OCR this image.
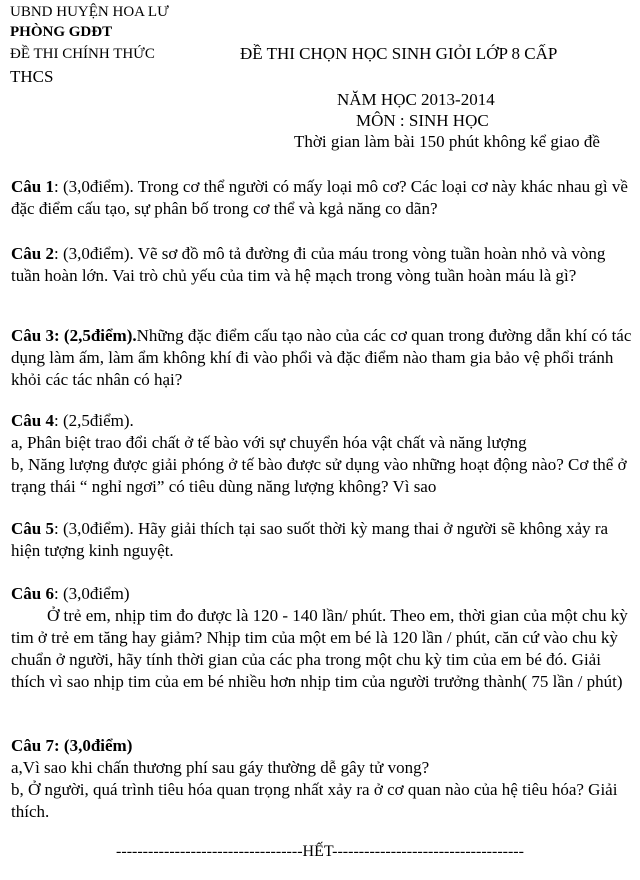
UBND HUYỆN HOA LƯ

PHÒNG GDĐT

ĐỀ THI CHÍNH THỨC	ĐỀ THI CHỌN HỌC SINH GIỎI LỚP 8 CẤP

THCS

NĂM HỌC 2013-2014

MÔN : SINH HỌC

Thời gian làm bài 150 phút không kể giao đề

Câu 1: (3,0điểm). Trong cơ thể người có mấy loại mô cơ? Các loại cơ này khác nhau gì về đặc điểm cấu tạo, sự phân bố trong cơ thể và kgả năng co dãn?

Câu 2: (3,0điểm). Vẽ sơ đồ mô tả đường đi của máu trong vòng tuần hoàn nhỏ và vòng tuần hoàn lớn. Vai trò chủ yếu của tim và hệ mạch trong vòng tuần hoàn máu là gì?

Câu 3: (2,5điểm).Những đặc điểm cấu tạo nào của các cơ quan trong đường dẫn khí có tác dụng làm ấm, làm ẩm không khí đi vào phổi và đặc điểm nào tham gia bảo vệ phổi tránh khỏi các tác nhân có hại?

Câu 4: (2,5điểm).

a, Phân biệt trao đổi chất ở tế bào với sự chuyển hóa vật chất và năng lượng

b, Năng lượng được giải phóng ở tế bào được sử dụng vào những hoạt động nào? Cơ thể ở trạng thái “ nghỉ ngơi” có tiêu dùng năng lượng không? Vì sao

Câu 5: (3,0điểm). Hãy giải thích tại sao suốt thời kỳ mang thai ở người sẽ không xảy ra hiện tượng kinh nguyệt.

Câu 6: (3,0điểm)

Ở trẻ em, nhịp tim đo được là 120 - 140 lần/ phút. Theo em, thời gian của một chu kỳ tim ở trẻ em tăng hay giảm? Nhịp tim của một em bé là 120 lần / phút, căn cứ vào chu kỳ chuẩn ở người, hãy tính thời gian của các pha trong một chu kỳ tim của em bé đó. Giải thích vì sao nhịp tim của em bé nhiều hơn nhịp tim của người trưởng thành( 75 lần / phút)

Câu 7: (3,0điểm)

a,Vì sao khi chấn thương phí sau gáy thường dễ gây tử vong?

b, Ở người, quá trình tiêu hóa quan trọng nhất xảy ra ở cơ quan nào của hệ tiêu hóa? Giải thích.

-----------------------------------HẾT------------------------------------
